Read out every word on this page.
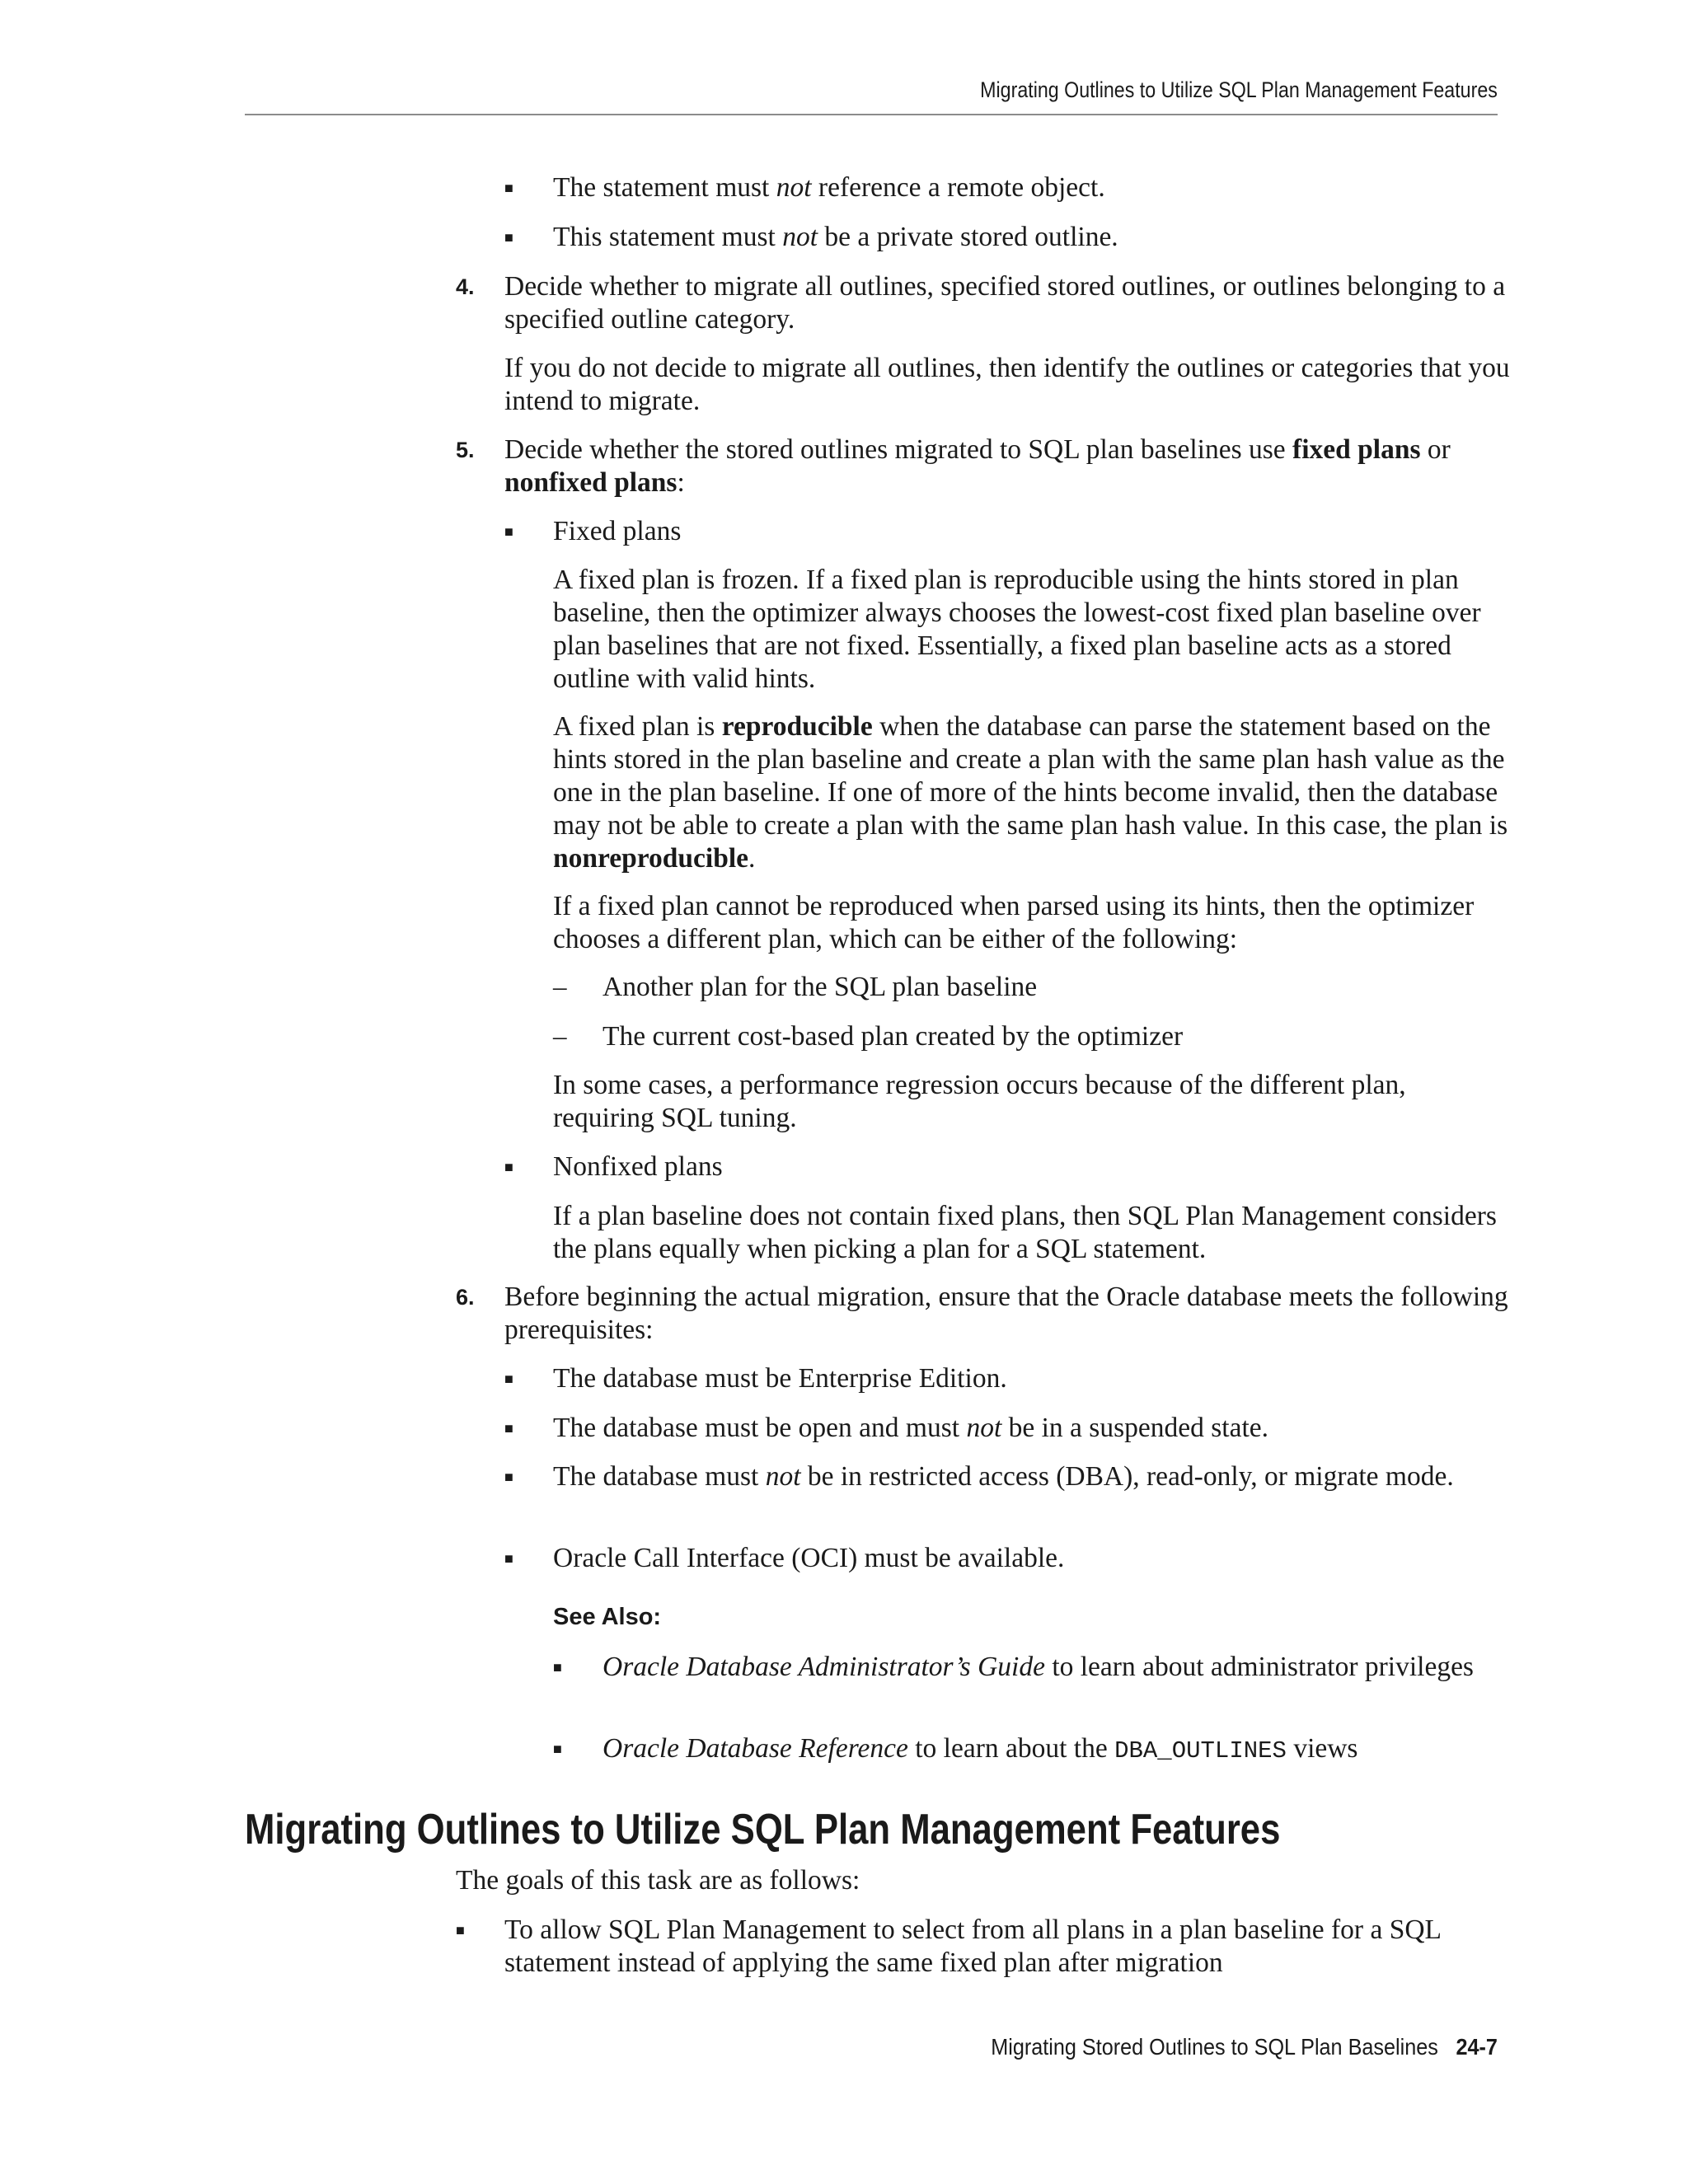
Migrating Outlines to Utilize SQL Plan Management Features
■ The statement must not reference a remote object.

■ This statement must not be a private stored outline.

4. Decide whether to migrate all outlines, specified stored outlines, or outlines belonging to a specified outline category.

If you do not decide to migrate all outlines, then identify the outlines or categories that you intend to migrate.

5. Decide whether the stored outlines migrated to SQL plan baselines use fixed plans or nonfixed plans:

■ Fixed plans

A fixed plan is frozen. If a fixed plan is reproducible using the hints stored in plan baseline, then the optimizer always chooses the lowest-cost fixed plan baseline over plan baselines that are not fixed. Essentially, a fixed plan baseline acts as a stored outline with valid hints.

A fixed plan is reproducible when the database can parse the statement based on the hints stored in the plan baseline and create a plan with the same plan hash value as the one in the plan baseline. If one of more of the hints become invalid, then the database may not be able to create a plan with the same plan hash value. In this case, the plan is nonreproducible.

If a fixed plan cannot be reproduced when parsed using its hints, then the optimizer chooses a different plan, which can be either of the following:

– Another plan for the SQL plan baseline

– The current cost-based plan created by the optimizer

In some cases, a performance regression occurs because of the different plan, requiring SQL tuning.

■ Nonfixed plans

If a plan baseline does not contain fixed plans, then SQL Plan Management considers the plans equally when picking a plan for a SQL statement.

6. Before beginning the actual migration, ensure that the Oracle database meets the following prerequisites:

■ The database must be Enterprise Edition.

■ The database must be open and must not be in a suspended state.

■ The database must not be in restricted access (DBA), read-only, or migrate mode.

■ Oracle Call Interface (OCI) must be available.

See Also:
■ Oracle Database Administrator’s Guide to learn about administrator privileges

■ Oracle Database Reference to learn about the DBA_OUTLINES views

Migrating Outlines to Utilize SQL Plan Management Features

The goals of this task are as follows:

■ To allow SQL Plan Management to select from all plans in a plan baseline for a SQL statement instead of applying the same fixed plan after migration

Migrating Stored Outlines to SQL Plan Baselines 24-7
